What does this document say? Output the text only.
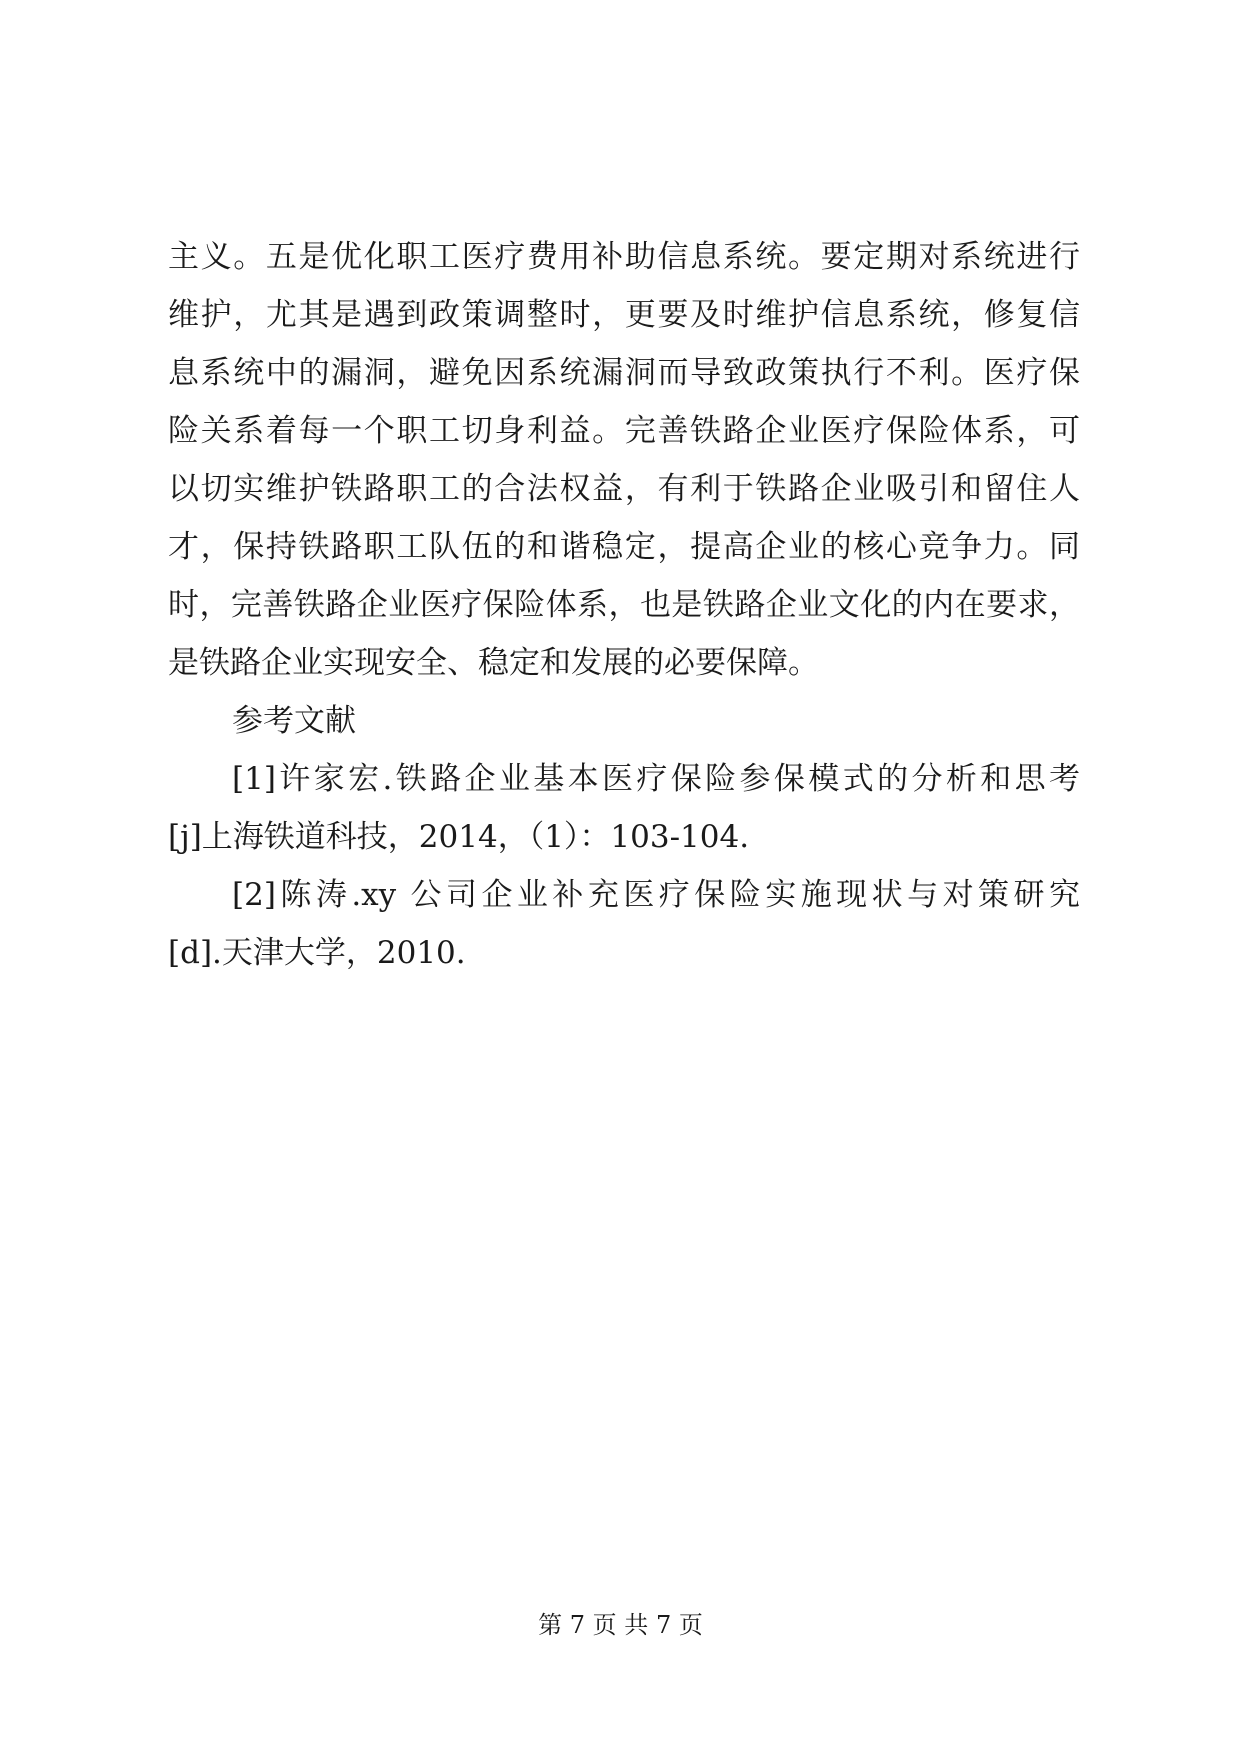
主义。五是优化职工医疗费用补助信息系统。要定期对系统进行
维护，尤其是遇到政策调整时，更要及时维护信息系统，修复信
息系统中的漏洞，避免因系统漏洞而导致政策执行不利。医疗保
险关系着每一个职工切身利益。完善铁路企业医疗保险体系，可
以切实维护铁路职工的合法权益，有利于铁路企业吸引和留住人
才，保持铁路职工队伍的和谐稳定，提高企业的核心竞争力。同
时，完善铁路企业医疗保险体系，也是铁路企业文化的内在要求，
是铁路企业实现安全、稳定和发展的必要保障。
参考文献
[1]许家宏.铁路企业基本医疗保险参保模式的分析和思考
[j]上海铁道科技，2014，（1）：103-104.
[2]陈涛.xy 公司企业补充医疗保险实施现状与对策研究
[d].天津大学，2010.
第 7 页 共 7 页
